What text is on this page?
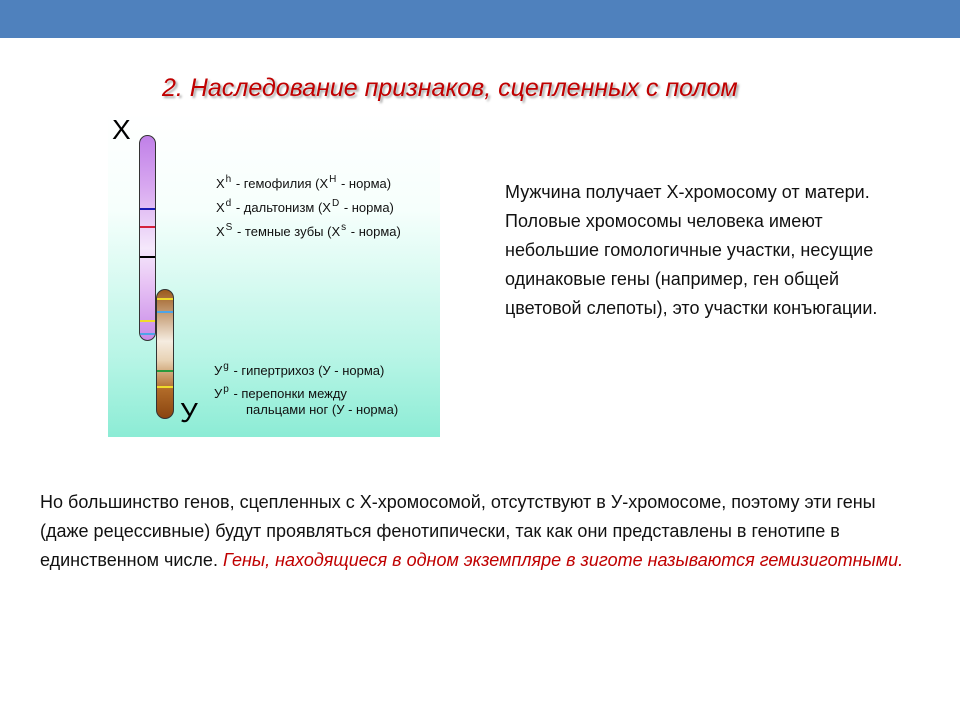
2. Наследование признаков, сцепленных с полом
Х
У
$X^h$ - гемофилия ($X^H$ - норма)
$X^d$ - дальтонизм ($X^D$ - норма)
$X^S$ - темные зубы ($X^s$ - норма)
$У^g$ - гипертрихоз (У - норма)
$У^p$ - перепонки между
пальцами ног (У - норма)
Мужчина получает Х-хромосому от матери. Половые хромосомы человека имеют небольшие гомологичные участки, несущие одинаковые гены (например, ген общей цветовой слепоты), это участки конъюгации.
Но большинство генов, сцепленных с Х-хромосомой, отсутствуют в У-хромосоме, поэтому эти гены (даже рецессивные) будут проявляться фенотипически, так как они представлены в генотипе в единственном числе. Гены, находящиеся в одном экземпляре в зиготе называются гемизиготными.
